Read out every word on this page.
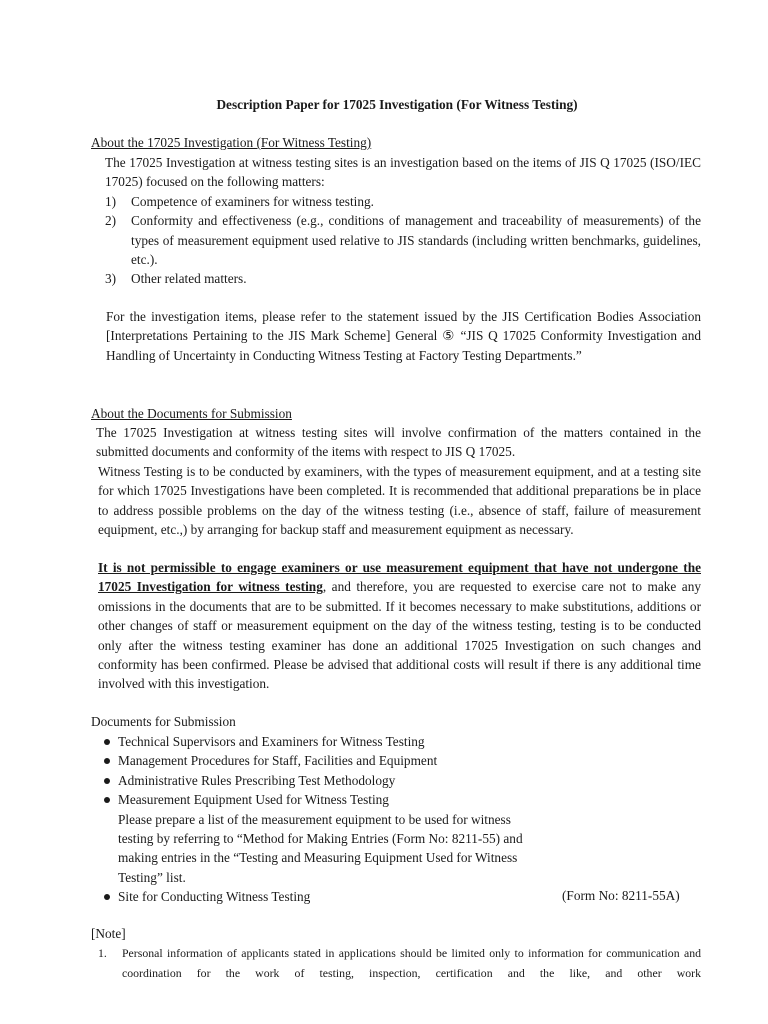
Description Paper for 17025 Investigation (For Witness Testing)
About the 17025 Investigation (For Witness Testing)

The 17025 Investigation at witness testing sites is an investigation based on the items of JIS Q 17025 (ISO/IEC 17025) focused on the following matters:

1) Competence of examiners for witness testing.
2) Conformity and effectiveness (e.g., conditions of management and traceability of measurements) of the types of measurement equipment used relative to JIS standards (including written benchmarks, guidelines, etc.).
3) Other related matters.
For the investigation items, please refer to the statement issued by the JIS Certification Bodies Association [Interpretations Pertaining to the JIS Mark Scheme] General ⑤ “JIS Q 17025 Conformity Investigation and Handling of Uncertainty in Conducting Witness Testing at Factory Testing Departments.”
About the Documents for Submission
The 17025 Investigation at witness testing sites will involve confirmation of the matters contained in the submitted documents and conformity of the items with respect to JIS Q 17025.
Witness Testing is to be conducted by examiners, with the types of measurement equipment, and at a testing site for which 17025 Investigations have been completed. It is recommended that additional preparations be in place to address possible problems on the day of the witness testing (i.e., absence of staff, failure of measurement equipment, etc.,) by arranging for backup staff and measurement equipment as necessary.
It is not permissible to engage examiners or use measurement equipment that have not undergone the 17025 Investigation for witness testing, and therefore, you are requested to exercise care not to make any omissions in the documents that are to be submitted. If it becomes necessary to make substitutions, additions or other changes of staff or measurement equipment on the day of the witness testing, testing is to be conducted only after the witness testing examiner has done an additional 17025 Investigation on such changes and conformity has been confirmed. Please be advised that additional costs will result if there is any additional time involved with this investigation.
Documents for Submission
Technical Supervisors and Examiners for Witness Testing
Management Procedures for Staff, Facilities and Equipment
Administrative Rules Prescribing Test Methodology
Measurement Equipment Used for Witness Testing
Please prepare a list of the measurement equipment to be used for witness testing by referring to “Method for Making Entries (Form No: 8211-55) and making entries in the “Testing and Measuring Equipment Used for Witness Testing” list.
Site for Conducting Witness Testing	(Form No: 8211-55A)
[Note]
1. Personal information of applicants stated in applications should be limited only to information for communication and coordination for the work of testing, inspection, certification and the like, and other work
